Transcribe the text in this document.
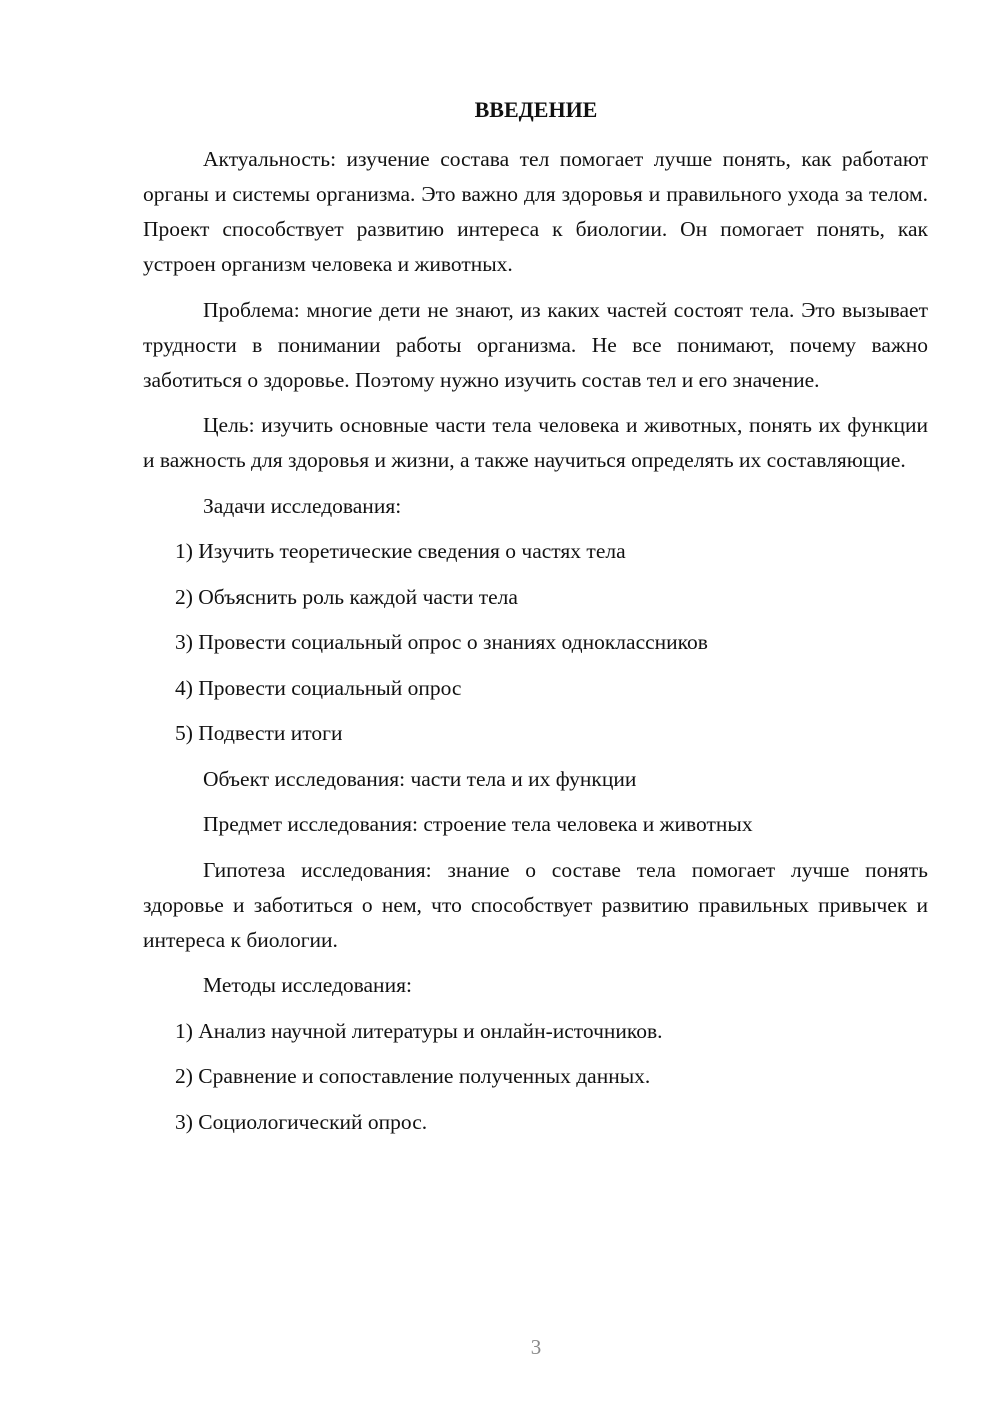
ВВЕДЕНИЕ

Актуальность: изучение состава тел помогает лучше понять, как работают органы и системы организма. Это важно для здоровья и правильного ухода за телом. Проект способствует развитию интереса к биологии. Он помогает понять, как устроен организм человека и животных.

Проблема: многие дети не знают, из каких частей состоят тела. Это вызывает трудности в понимании работы организма. Не все понимают, почему важно заботиться о здоровье. Поэтому нужно изучить состав тел и его значение.

Цель: изучить основные части тела человека и животных, понять их функции и важность для здоровья и жизни, а также научиться определять их составляющие.

Задачи исследования:

1) Изучить теоретические сведения о частях тела

2) Объяснить роль каждой части тела

3) Провести социальный опрос о знаниях одноклассников

4) Провести социальный опрос

5) Подвести итоги

Объект исследования: части тела и их функции

Предмет исследования: строение тела человека и животных

Гипотеза исследования: знание о составе тела помогает лучше понять здоровье и заботиться о нем, что способствует развитию правильных привычек и интереса к биологии.

Методы исследования:

1) Анализ научной литературы и онлайн-источников.

2) Сравнение и сопоставление полученных данных.

3) Социологический опрос.

3
